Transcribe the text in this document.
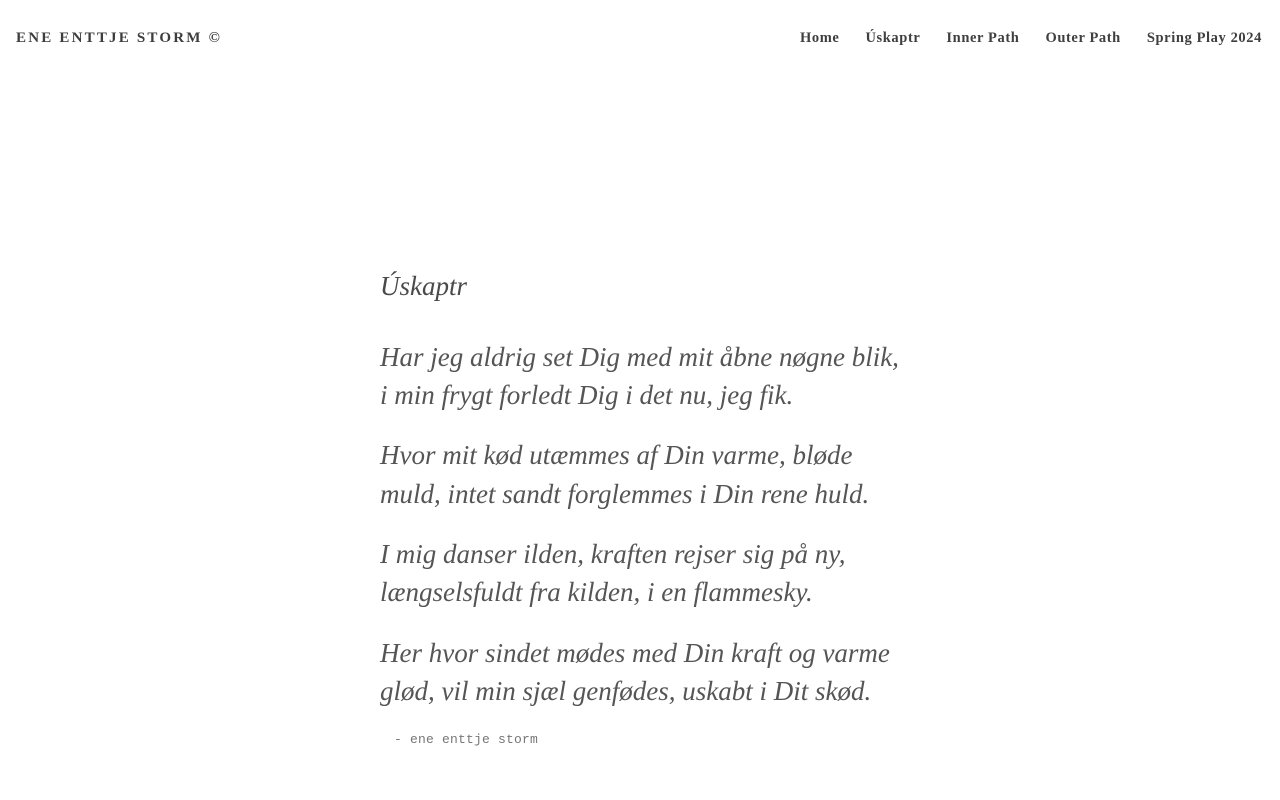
ENE ENTTJE STORM ©	Home Úskaptr Inner Path Outer Path Spring Play 2024
Úskaptr

Har jeg aldrig set Dig med mit åbne nøgne blik, i min frygt forledt Dig i det nu, jeg fik.

Hvor mit kød utæmmes af Din varme, bløde muld, intet sandt forglemmes i Din rene huld.

I mig danser ilden, kraften rejser sig på ny, længselsfuldt fra kilden, i en flammesky.

Her hvor sindet mødes med Din kraft og varme glød, vil min sjæl genfødes, uskabt i Dit skød.

- ene enttje storm
